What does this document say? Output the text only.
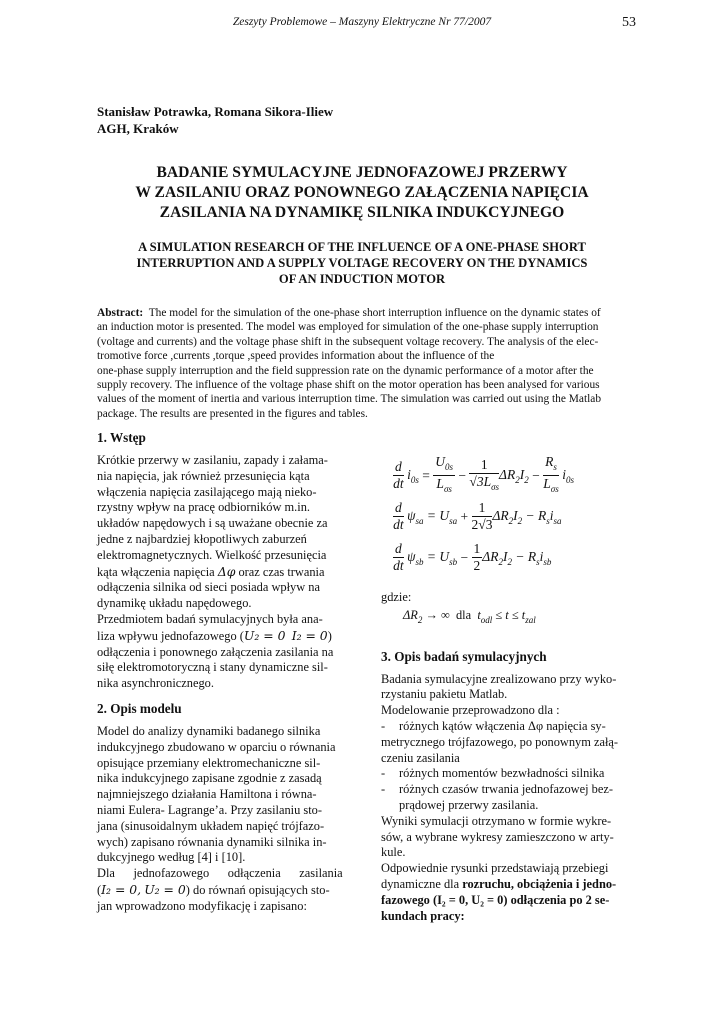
Zeszyty Problemowe – Maszyny Elektryczne Nr 77/2007	53
Stanisław Potrawka, Romana Sikora-Iliew
AGH, Kraków
BADANIE SYMULACYJNE JEDNOFAZOWEJ PRZERWY
W ZASILANIU ORAZ PONOWNEGO ZAŁĄCZENIA NAPIĘCIA
ZASILANIA NA DYNAMIKĘ SILNIKA INDUKCYJNEGO
A SIMULATION RESEARCH OF THE INFLUENCE OF A ONE-PHASE SHORT
INTERRUPTION AND A SUPPLY VOLTAGE RECOVERY ON THE DYNAMICS
OF AN INDUCTION MOTOR
Abstract: The model for the simulation of the one-phase short interruption influence on the dynamic states of
an induction motor is presented. The model was employed for simulation of the one-phase supply interruption
(voltage and currents) and the voltage phase shift in the subsequent voltage recovery. The analysis of the elec-
tromotive force ,currents ,torque ,speed provides information about the influence of the
one-phase supply interruption and the field suppression rate on the dynamic performance of a motor after the
supply recovery. The influence of the voltage phase shift on the motor operation has been analysed for various
values of the moment of inertia and various interruption time. The simulation was carried out using the Matlab
package. The results are presented in the figures and tables.
1. Wstęp
Krótkie przerwy w zasilaniu, zapady i załama-
nia napięcia, jak również przesunięcia kąta
włączenia napięcia zasilającego mają nieko-
rzystny wpływ na pracę odbiorników m.in.
układów napędowych i są uważane obecnie za
jedne z najbardziej kłopotliwych zaburzeń
elektromagnetycznych. Wielkość przesunięcia
kąta włączenia napięcia Δφ oraz czas trwania
odłączenia silnika od sieci posiada wpływ na
dynamikę układu napędowego.
Przedmiotem badań symulacyjnych była ana-
liza wpływu jednofazowego (U₂ = 0 I₂ = 0)
odłączenia i ponownego załączenia zasilania na
siłę elektromotoryczną i stany dynamiczne sil-
nika asynchronicznego.
2. Opis modelu
Model do analizy dynamiki badanego silnika
indukcyjnego zbudowano w oparciu o równania
opisujące przemiany elektromechaniczne sil-
nika indukcyjnego zapisane zgodnie z zasadą
najmniejszego działania Hamiltona i równa-
niami Eulera- Lagrange’a. Przy zasilaniu sto-
jana (sinusoidalnym układem napięć trójfazo-
wych) zapisano równania dynamiki silnika in-
dukcyjnego według [4] i [10].
Dla      jednofazowego      odłączenia      zasilania
(I₂ = 0, U₂ = 0) do równań opisujących sto-
jan wprowadzono modyfikację i zapisano:
$\frac{d}{dt} i_{0s}$
=
$\frac{U_{0s}}{L_{\sigma s}}$
−
$\frac{1}{√3L_{\sigma s}} \Delta R_2I_2$
−
$\frac{R_s}{L_{\sigma s}} i_{0s}$
$\frac{d}{dt} \psi_{sa}$
= $U_{sa}$
+
$\frac{1}{2√3} \Delta R_2I_2 - R_si_{sa}$
$\frac{d}{dt} \psi_{sb}$
= $U_{sb}$
−
$\frac{1}{2} \Delta R_2I_2 - R_si_{sb}$
gdzie:
$\Delta R_2$ → ∞ dla $t_{odl} \le t \le t_{zal}$
3. Opis badań symulacyjnych
Badania symulacyjne zrealizowano przy wyko-
rzystaniu pakietu Matlab.
Modelowanie przeprowadzono dla :
- różnych kątów włączenia Δφ napięcia sy-
metrycznego trójfazowego, po ponownym załą-
czeniu zasilania
- różnych momentów bezwładności silnika
- różnych czasów trwania jednofazowej bez-
prądowej przerwy zasilania.
Wyniki symulacji otrzymano w formie wykre-
sów, a wybrane wykresy zamieszczono w arty-
kule.
Odpowiednie rysunki przedstawiają przebiegi
dynamiczne dla rozruchu, obciążenia i jedno-
fazowego (I₂ = 0, U₂ = 0) odłączenia po 2 se-
kundach pracy:
